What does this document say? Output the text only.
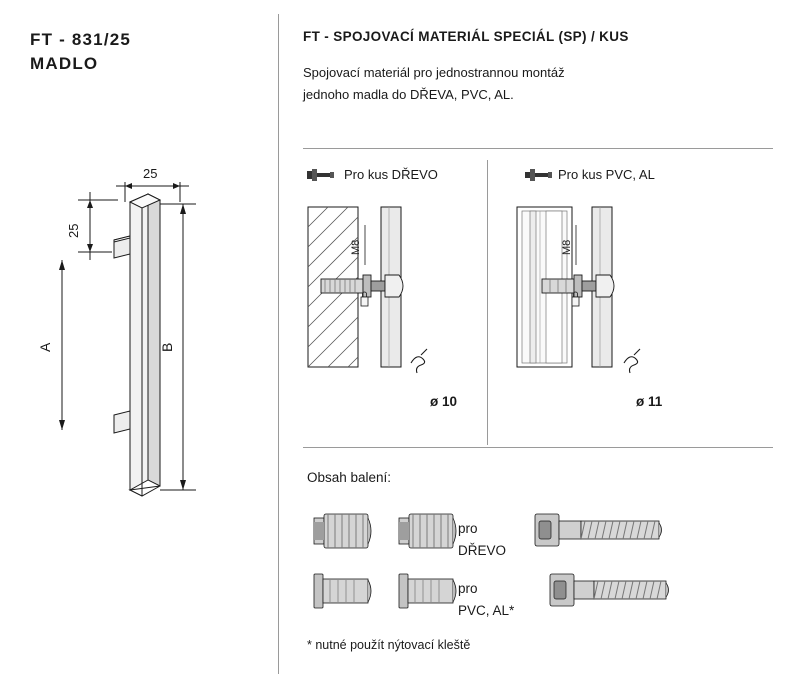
FT - 831/25
MADLO
FT - SPOJOVACÍ MATERIÁL SPECIÁL (SP) / KUS
Spojovací materiál pro jednostrannou montáž
jednoho madla do DŘEVA, PVC, AL.
25
25
A	B
Pro kus DŘEVO
M8
ø 10
Pro kus PVC, AL
M8
ø 11
Obsah balení:
pro
DŘEVO
pro
PVC, AL*
* nutné použít nýtovací kleště
